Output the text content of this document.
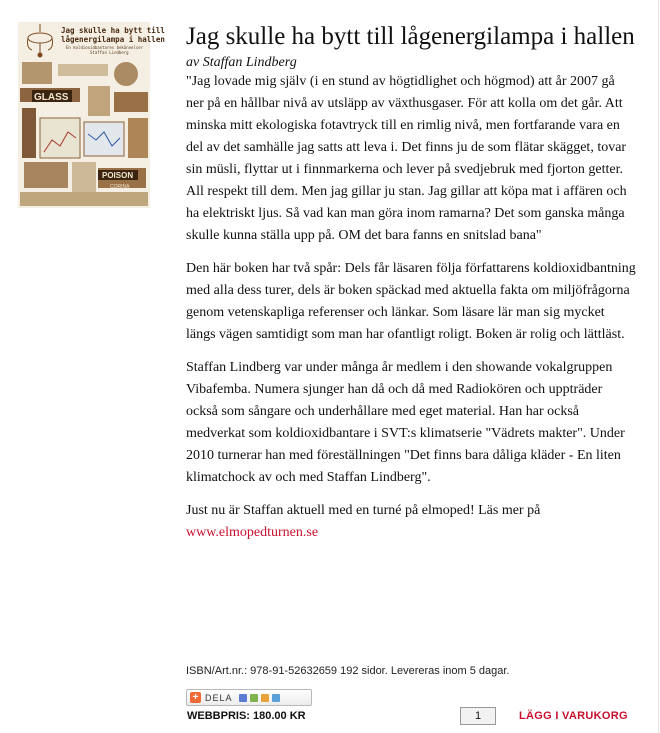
Jag skulle ha bytt till
lågenergilampa i hallen
En koldioxidbantares bekännelser
Staffan Lindberg
GLASS
POISON
CORINA
Jag skulle ha bytt till lågenergilampa i hallen
av Staffan Lindberg

"Jag lovade mig själv (i en stund av högtidlighet och högmod) att år 2007 gå ner på en hållbar nivå av utsläpp av växthusgaser. För att kolla om det går. Att minska mitt ekologiska fotavtryck till en rimlig nivå, men fortfarande vara en del av det samhälle jag satts att leva i. Det finns ju de som flätar skägget, tovar sin müsli, flyttar ut i finnmarkerna och lever på svedjebruk med fjorton getter. All respekt till dem. Men jag gillar ju stan. Jag gillar att köpa mat i affären och ha elektriskt ljus. Så vad kan man göra inom ramarna? Det som ganska många skulle kunna ställa upp på. OM det bara fanns en snitslad bana"

Den här boken har två spår: Dels får läsaren följa författarens koldioxidbantning med alla dess turer, dels är boken späckad med aktuella fakta om miljöfrågorna genom vetenskapliga referenser och länkar. Som läsare lär man sig mycket längs vägen samtidigt som man har ofantligt roligt. Boken är rolig och lättläst.

Staffan Lindberg var under många år medlem i den showande vokalgruppen Vibafemba. Numera sjunger han då och då med Radiokören och uppträder också som sångare och underhållare med eget material. Han har också medverkat som koldioxidbantare i SVT:s klimatserie "Vädrets makter". Under 2010 turnerar han med föreställningen "Det finns bara dåliga kläder - En liten klimatchock av och med Staffan Lindberg".

Just nu är Staffan aktuell med en turné på elmoped! Läs mer på
www.elmopedturnen.se

ISBN/Art.nr.: 978-91-52632659 192 sidor. Levereras inom 5 dagar.
+ DELA
WEBBPRIS: 180.00 KR	1	LÄGG I VARUKORG
